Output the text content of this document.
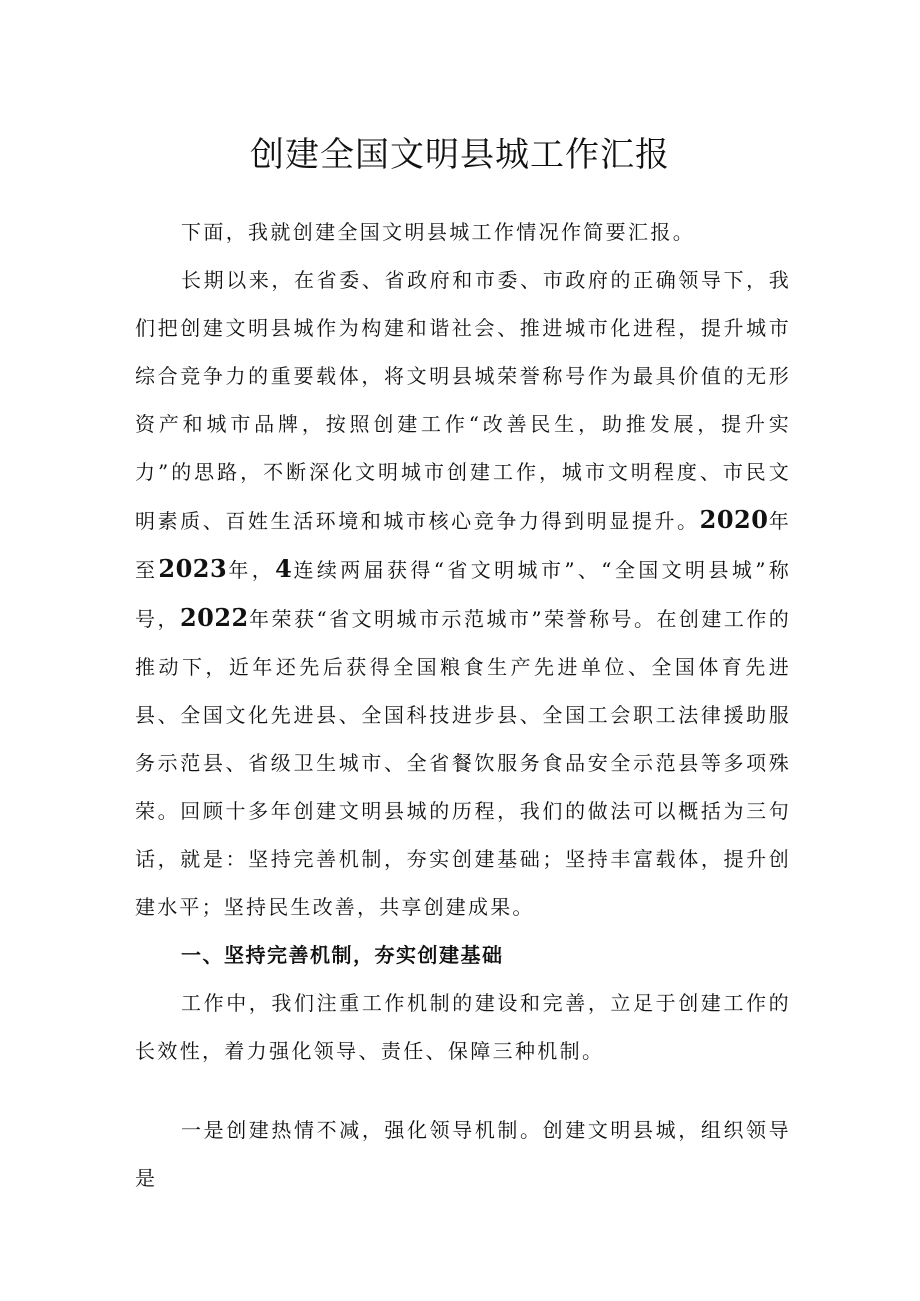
创建全国文明县城工作汇报

下面，我就创建全国文明县城工作情况作简要汇报。

长期以来，在省委、省政府和市委、市政府的正确领导下，我们把创建文明县城作为构建和谐社会、推进城市化进程，提升城市综合竞争力的重要载体，将文明县城荣誉称号作为最具价值的无形资产和城市品牌，按照创建工作“改善民生，助推发展，提升实力”的思路，不断深化文明城市创建工作，城市文明程度、市民文明素质、百姓生活环境和城市核心竞争力得到明显提升。2020年至2023年，4连续两届获得“省文明城市”、“全国文明县城”称号，2022年荣获“省文明城市示范城市”荣誉称号。在创建工作的推动下，近年还先后获得全国粮食生产先进单位、全国体育先进县、全国文化先进县、全国科技进步县、全国工会职工法律援助服务示范县、省级卫生城市、全省餐饮服务食品安全示范县等多项殊荣。回顾十多年创建文明县城的历程，我们的做法可以概括为三句话，就是：坚持完善机制，夯实创建基础；坚持丰富载体，提升创建水平；坚持民生改善，共享创建成果。

一、坚持完善机制，夯实创建基础

工作中，我们注重工作机制的建设和完善，立足于创建工作的长效性，着力强化领导、责任、保障三种机制。

一是创建热情不减，强化领导机制。创建文明县城，组织领导是
